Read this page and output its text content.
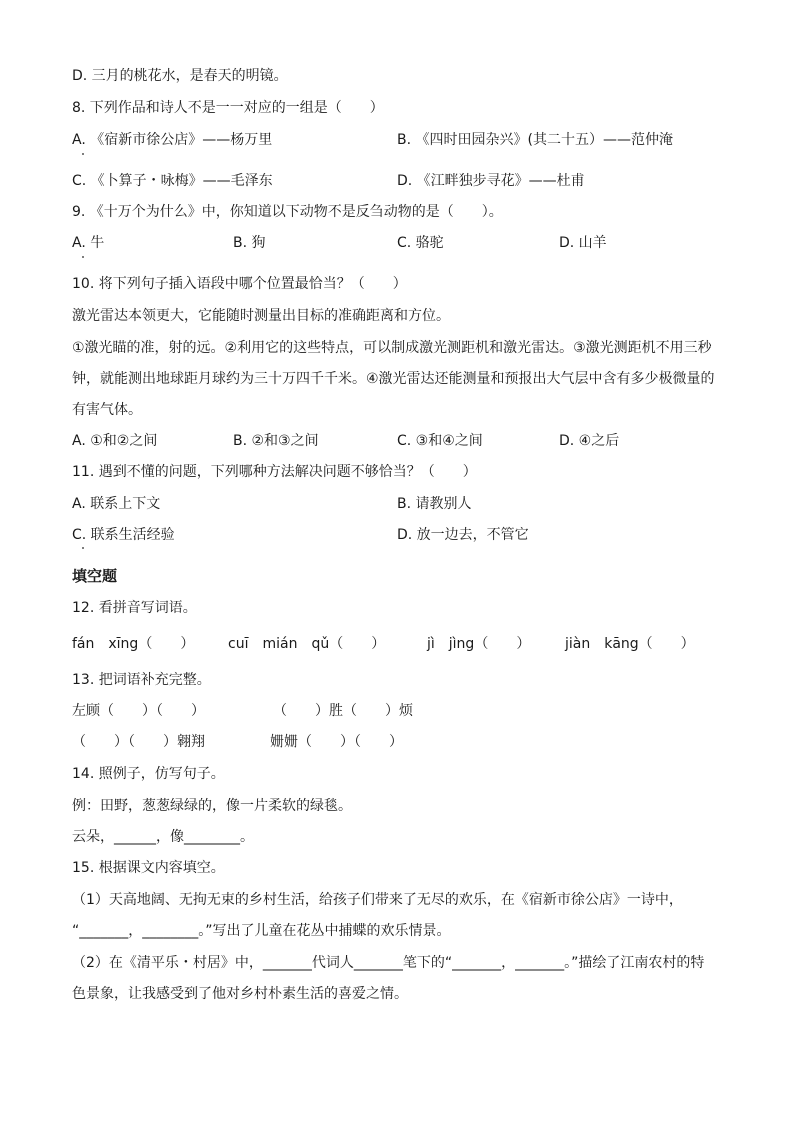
D. 三月的桃花水，是春天的明镜。
8. 下列作品和诗人不是一一对应的一组是（　　）
A. 《宿新市徐公店》——杨万里	B. 《四时田园杂兴》(其二十五）——范仲淹
C. 《卜算子・咏梅》——毛泽东	D. 《江畔独步寻花》——杜甫
9. 《十万个为什么》中，你知道以下动物不是反刍动物的是（　　）。
A. 牛	B. 狗	C. 骆驼	D. 山羊
10. 将下列句子插入语段中哪个位置最恰当？（　　）
激光雷达本领更大，它能随时测量出目标的准确距离和方位。
①激光瞄的准，射的远。②利用它的这些特点，可以制成激光测距机和激光雷达。③激光测距机不用三秒
钟，就能测出地球距月球约为三十万四千千米。④激光雷达还能测量和预报出大气层中含有多少极微量的
有害气体。
A. ①和②之间	B. ②和③之间	C. ③和④之间	D. ④之后
11. 遇到不懂的问题，下列哪种方法解决问题不够恰当？（　　）
A. 联系上下文	B. 请教别人
C. 联系生活经验	D. 放一边去，不管它
填空题
12. 看拼音写词语。
fán　xīng（　　） cuī　mián　qǔ（　　）	jì　jìng（　　） jiàn　kāng（　　）
13. 把词语补充完整。
左顾（　　）（　　）	（　　）胜（　　）烦
（　　）（　　）翱翔	姗姗（　　）（　　）
14. 照例子，仿写句子。
例：田野，葱葱绿绿的，像一片柔软的绿毯。
云朵，______，像________。
15. 根据课文内容填空。
（1）天高地阔、无拘无束的乡村生活，给孩子们带来了无尽的欢乐，在《宿新市徐公店》一诗中，
“_______，________。”写出了儿童在花丛中捕蝶的欢乐情景。
（2）在《清平乐・村居》中，_______代词人_______笔下的“_______，_______。”描绘了江南农村的特
色景象，让我感受到了他对乡村朴素生活的喜爱之情。
